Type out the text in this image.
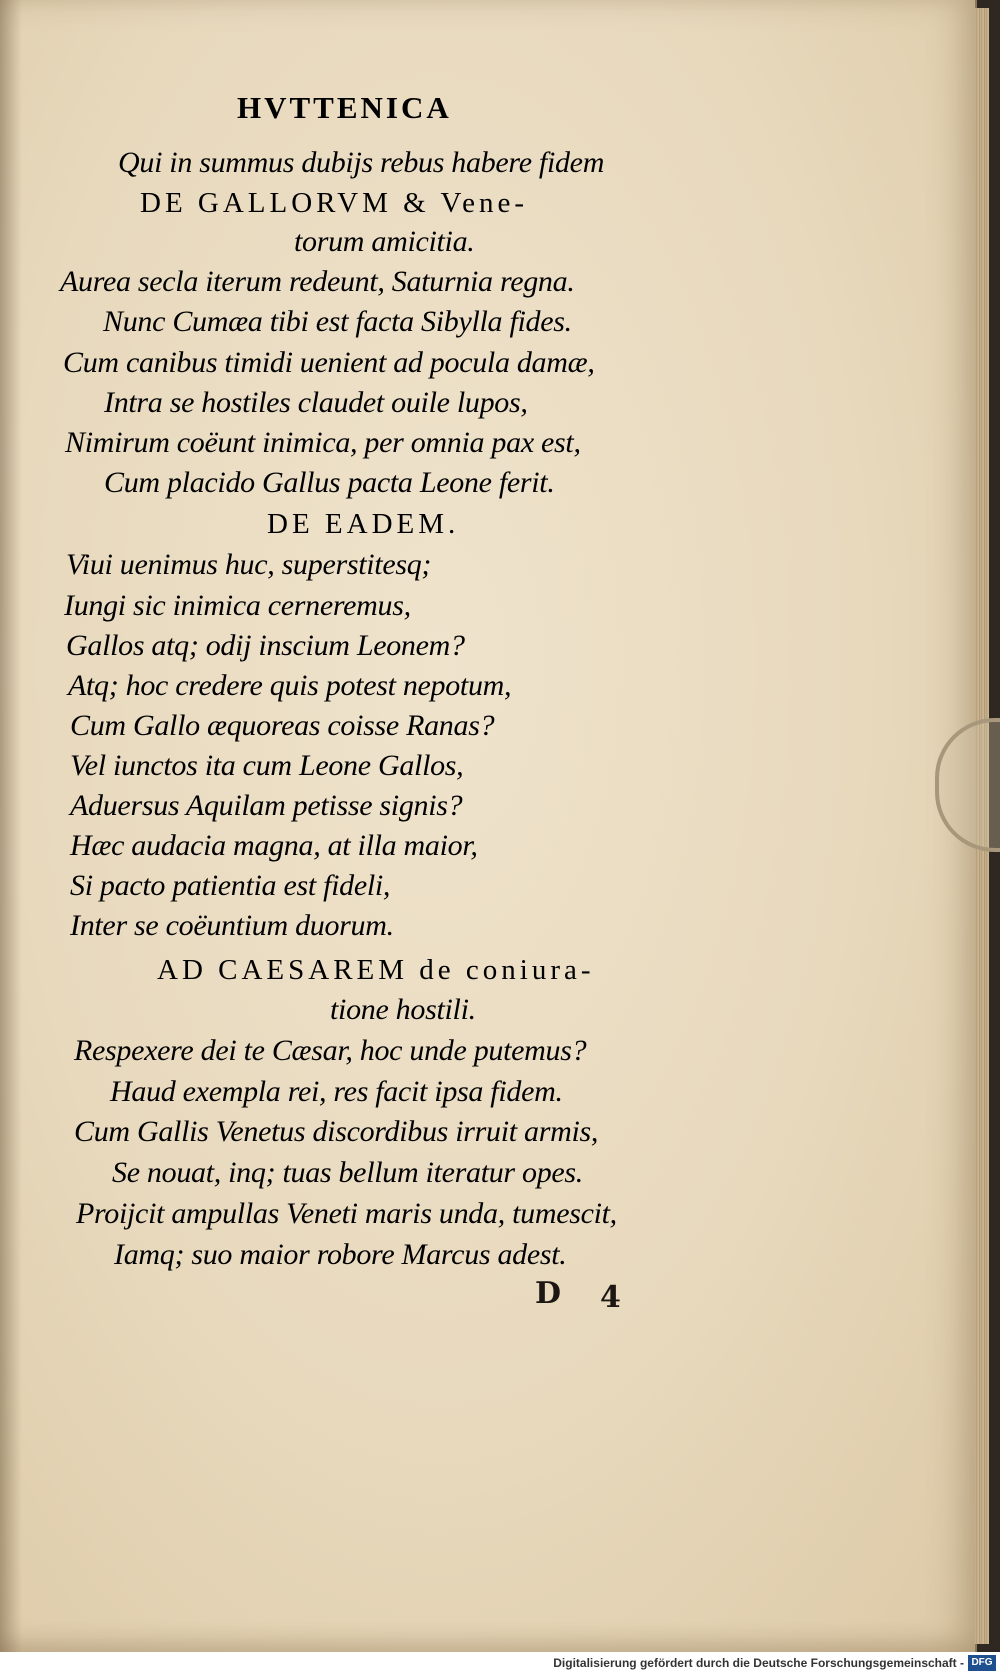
HVTTENICA
Qui in summus dubijs rebus habere fidem
DE GALLORVM & Vene-
torum amicitia.
Aurea secla iterum redeunt, Saturnia regna.
Nunc Cumæa tibi est facta Sibylla fides.
Cum canibus timidi uenient ad pocula damæ,
Intra se hostiles claudet ouile lupos,
Nimirum coëunt inimica, per omnia pax est,
Cum placido Gallus pacta Leone ferit.
DE EADEM.
Viui uenimus huc, superstitesq;
Iungi sic inimica cerneremus,
Gallos atq; odij inscium Leonem?
Atq; hoc credere quis potest nepotum,
Cum Gallo æquoreas coisse Ranas?
Vel iunctos ita cum Leone Gallos,
Aduersus Aquilam petisse signis?
Hæc audacia magna, at illa maior,
Si pacto patientia est fideli,
Inter se coëuntium duorum.
AD CAESAREM de coniura-
tione hostili.
Respexere dei te Cæsar, hoc unde putemus?
Haud exempla rei, res facit ipsa fidem.
Cum Gallis Venetus discordibus irruit armis,
Se nouat, inq; tuas bellum iteratur opes.
Proijcit ampullas Veneti maris unda, tumescit,
Iamq; suo maior robore Marcus adest.
D 4
Digitalisierung gefördert durch die Deutsche Forschungsgemeinschaft - DFG
